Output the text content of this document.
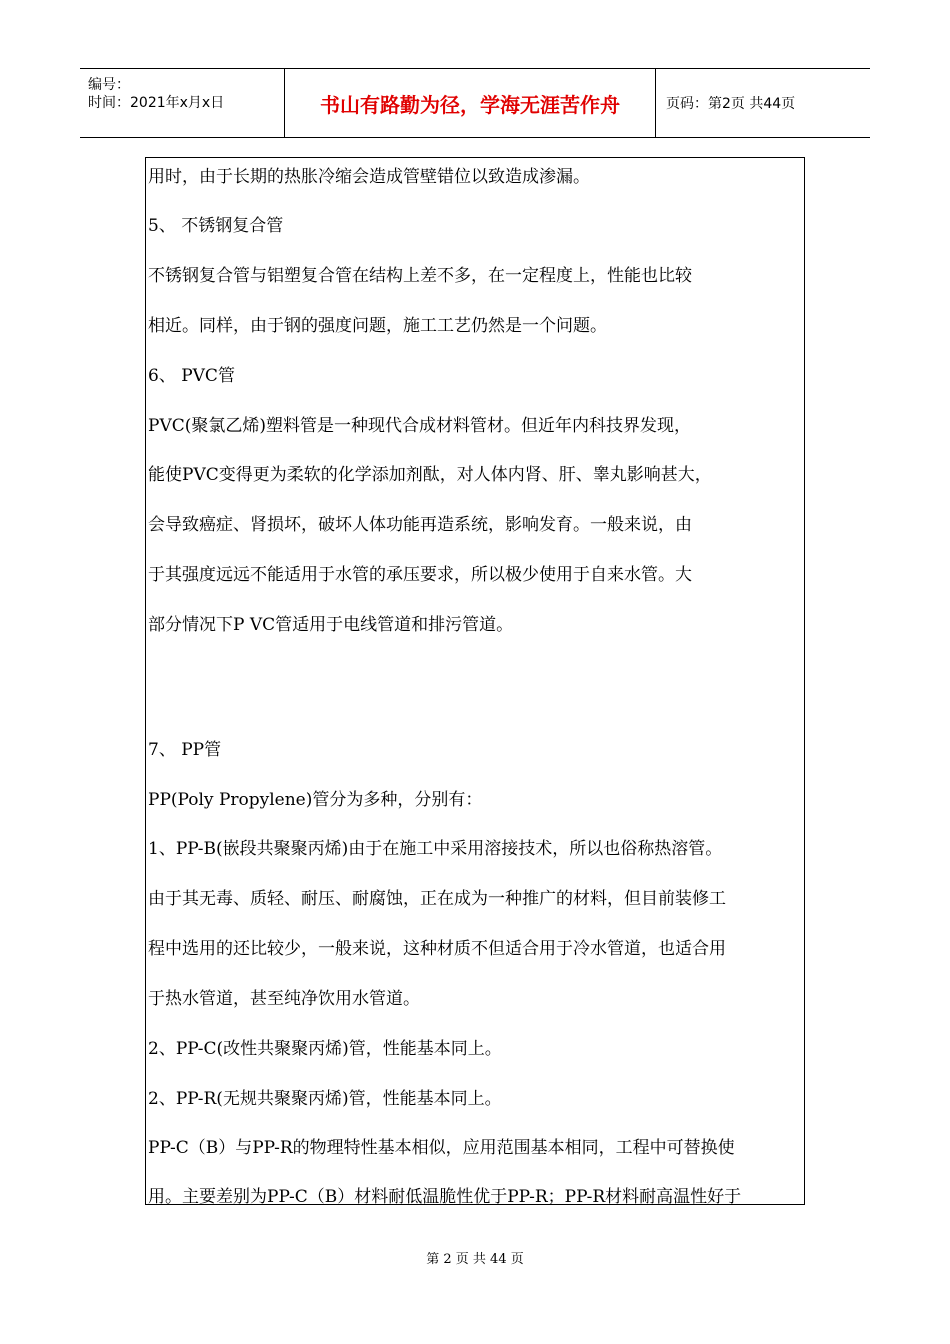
编号：
时间：2021年x月x日	书山有路勤为径，学海无涯苦作舟	页码：第2页 共44页
用时，由于长期的热胀冷缩会造成管壁错位以致造成渗漏。
5、 不锈钢复合管
不锈钢复合管与铝塑复合管在结构上差不多，在一定程度上，性能也比较
相近。同样，由于钢的强度问题，施工工艺仍然是一个问题。
6、 PVC管
PVC(聚氯乙烯)塑料管是一种现代合成材料管材。但近年内科技界发现，
能使PVC变得更为柔软的化学添加剂酞，对人体内肾、肝、睾丸影响甚大，
会导致癌症、肾损坏，破坏人体功能再造系统，影响发育。一般来说，由
于其强度远远不能适用于水管的承压要求，所以极少使用于自来水管。大
部分情况下P VC管适用于电线管道和排污管道。
7、 PP管
PP(Poly Propylene)管分为多种，分别有：
1、PP-B(嵌段共聚聚丙烯)由于在施工中采用溶接技术，所以也俗称热溶管。
由于其无毒、质轻、耐压、耐腐蚀，正在成为一种推广的材料，但目前装修工
程中选用的还比较少，一般来说，这种材质不但适合用于冷水管道，也适合用
于热水管道，甚至纯净饮用水管道。
2、PP-C(改性共聚聚丙烯)管，性能基本同上。
2、PP-R(无规共聚聚丙烯)管，性能基本同上。
PP-C（B）与PP-R的物理特性基本相似，应用范围基本相同，工程中可替换使
用。主要差别为PP-C（B）材料耐低温脆性优于PP-R；PP-R材料耐高温性好于
第 2 页 共 44 页
